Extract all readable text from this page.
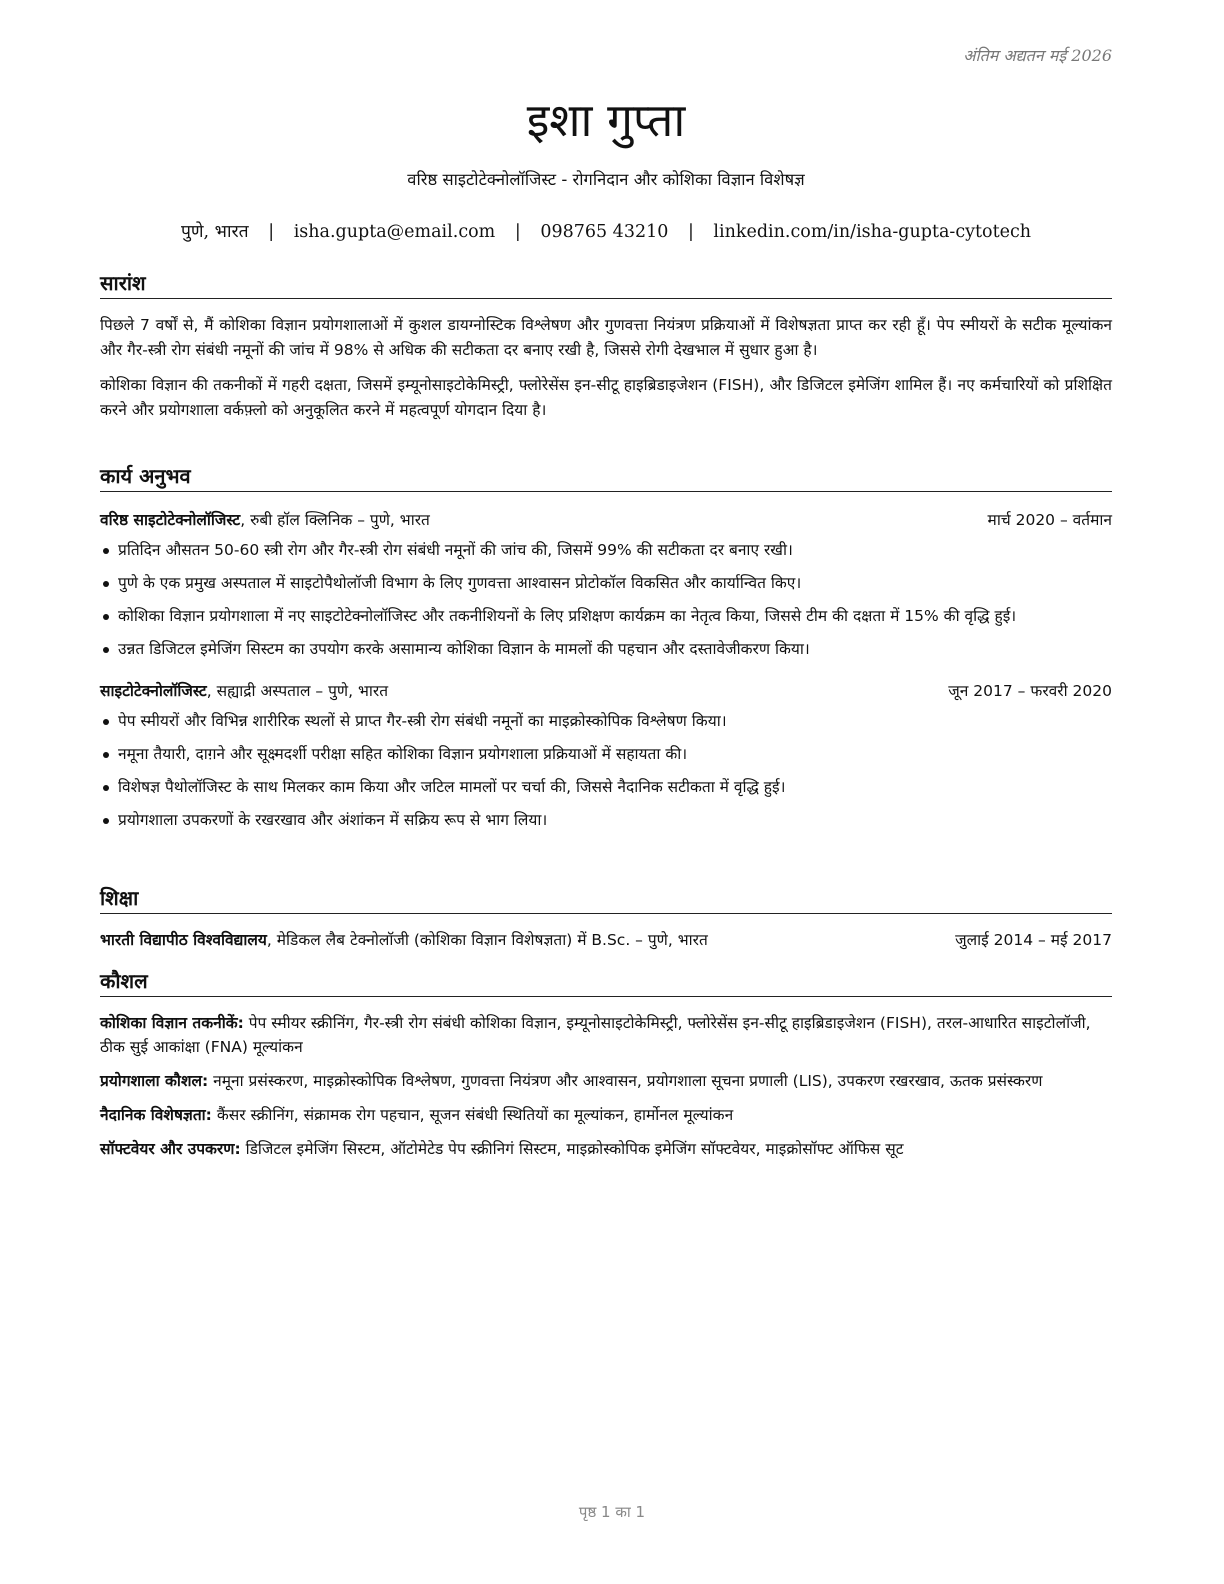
अंतिम अद्यतन मई 2026
इशा गुप्ता
वरिष्ठ साइटोटेक्नोलॉजिस्ट - रोगनिदान और कोशिका विज्ञान विशेषज्ञ
पुणे, भारत | isha.gupta@email.com | 098765 43210 | linkedin.com/in/isha-gupta-cytotech
सारांश

पिछले 7 वर्षों से, मैं कोशिका विज्ञान प्रयोगशालाओं में कुशल डायग्नोस्टिक विश्लेषण और गुणवत्ता नियंत्रण प्रक्रियाओं में विशेषज्ञता प्राप्त कर रही हूँ। पेप स्मीयरों के सटीक मूल्यांकन और गैर-स्त्री रोग संबंधी नमूनों की जांच में 98% से अधिक की सटीकता दर बनाए रखी है, जिससे रोगी देखभाल में सुधार हुआ है।

कोशिका विज्ञान की तकनीकों में गहरी दक्षता, जिसमें इम्यूनोसाइटोकेमिस्ट्री, फ्लोरेसेंस इन-सीटू हाइब्रिडाइजेशन (FISH), और डिजिटल इमेजिंग शामिल हैं। नए कर्मचारियों को प्रशिक्षित करने और प्रयोगशाला वर्कफ़्लो को अनुकूलित करने में महत्वपूर्ण योगदान दिया है।

कार्य अनुभव
वरिष्ठ साइटोटेक्नोलॉजिस्ट, रुबी हॉल क्लिनिक – पुणे, भारत	मार्च 2020 – वर्तमान
प्रतिदिन औसतन 50-60 स्त्री रोग और गैर-स्त्री रोग संबंधी नमूनों की जांच की, जिसमें 99% की सटीकता दर बनाए रखी।
पुणे के एक प्रमुख अस्पताल में साइटोपैथोलॉजी विभाग के लिए गुणवत्ता आश्वासन प्रोटोकॉल विकसित और कार्यान्वित किए।
कोशिका विज्ञान प्रयोगशाला में नए साइटोटेक्नोलॉजिस्ट और तकनीशियनों के लिए प्रशिक्षण कार्यक्रम का नेतृत्व किया, जिससे टीम की दक्षता में 15% की वृद्धि हुई।
उन्नत डिजिटल इमेजिंग सिस्टम का उपयोग करके असामान्य कोशिका विज्ञान के मामलों की पहचान और दस्तावेजीकरण किया।
साइटोटेक्नोलॉजिस्ट, सह्याद्री अस्पताल – पुणे, भारत	जून 2017 – फरवरी 2020
पेप स्मीयरों और विभिन्न शारीरिक स्थलों से प्राप्त गैर-स्त्री रोग संबंधी नमूनों का माइक्रोस्कोपिक विश्लेषण किया।
नमूना तैयारी, दाग़ने और सूक्ष्मदर्शी परीक्षा सहित कोशिका विज्ञान प्रयोगशाला प्रक्रियाओं में सहायता की।
विशेषज्ञ पैथोलॉजिस्ट के साथ मिलकर काम किया और जटिल मामलों पर चर्चा की, जिससे नैदानिक सटीकता में वृद्धि हुई।
प्रयोगशाला उपकरणों के रखरखाव और अंशांकन में सक्रिय रूप से भाग लिया।
शिक्षा
भारती विद्यापीठ विश्वविद्यालय, मेडिकल लैब टेक्नोलॉजी (कोशिका विज्ञान विशेषज्ञता) में B.Sc. – पुणे, भारत	जुलाई 2014 – मई 2017
कौशल

कोशिका विज्ञान तकनीकें: पेप स्मीयर स्क्रीनिंग, गैर-स्त्री रोग संबंधी कोशिका विज्ञान, इम्यूनोसाइटोकेमिस्ट्री, फ्लोरेसेंस इन-सीटू हाइब्रिडाइजेशन (FISH), तरल-आधारित साइटोलॉजी, ठीक सुई आकांक्षा (FNA) मूल्यांकन

प्रयोगशाला कौशल: नमूना प्रसंस्करण, माइक्रोस्कोपिक विश्लेषण, गुणवत्ता नियंत्रण और आश्वासन, प्रयोगशाला सूचना प्रणाली (LIS), उपकरण रखरखाव, ऊतक प्रसंस्करण

नैदानिक विशेषज्ञता: कैंसर स्क्रीनिंग, संक्रामक रोग पहचान, सूजन संबंधी स्थितियों का मूल्यांकन, हार्मोनल मूल्यांकन

सॉफ्टवेयर और उपकरण: डिजिटल इमेजिंग सिस्टम, ऑटोमेटेड पेप स्क्रीनिगं सिस्टम, माइक्रोस्कोपिक इमेजिंग सॉफ्टवेयर, माइक्रोसॉफ्ट ऑफिस सूट

पृष्ठ 1 का 1
